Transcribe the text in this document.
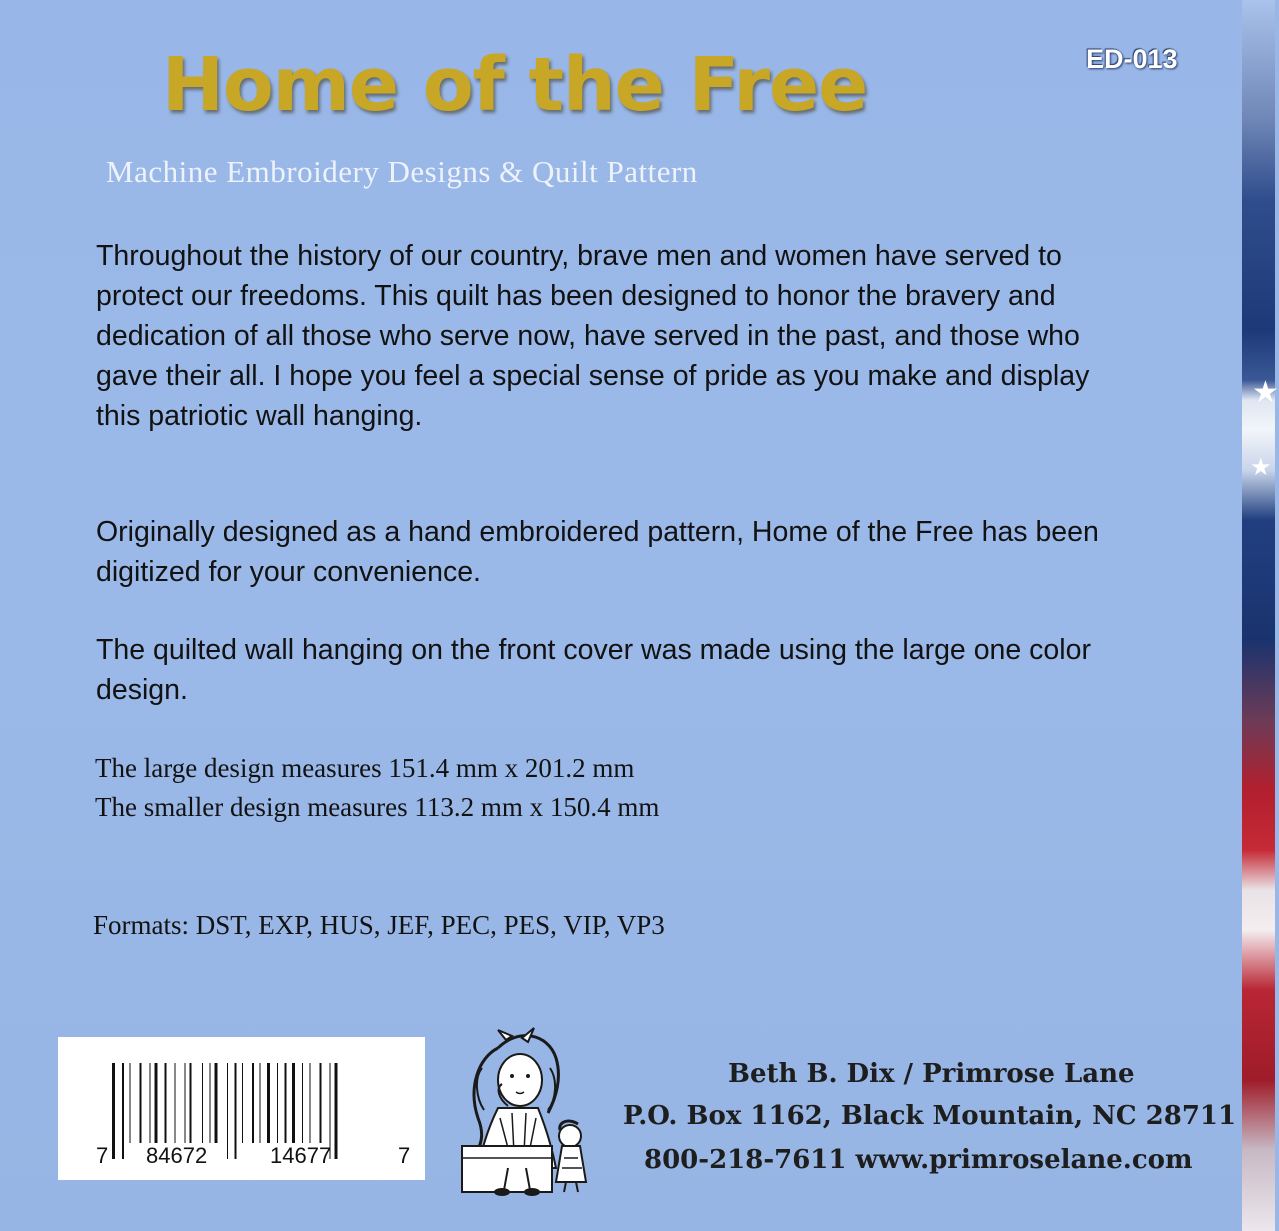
★
★
ED-013
Home of the Free
Machine Embroidery Designs & Quilt Pattern

Throughout the history of our country, brave men and women have served to protect our freedoms. This quilt has been designed to honor the bravery and dedication of all those who serve now, have served in the past, and those who gave their all. I hope you feel a special sense of pride as you make and display this patriotic wall hanging.

Originally designed as a hand embroidered pattern, Home of the Free has been digitized for your convenience.

The quilted wall hanging on the front cover was made using the large one color design.

The large design measures 151.4 mm x 201.2 mm
The smaller design measures 113.2 mm x 150.4 mm
Formats: DST, EXP, HUS, JEF, PEC, PES, VIP, VP3
7 84672	14677	7
Beth B. Dix / Primrose Lane
P.O. Box 1162, Black Mountain, NC 28711
800-218-7611 www.primroselane.com
